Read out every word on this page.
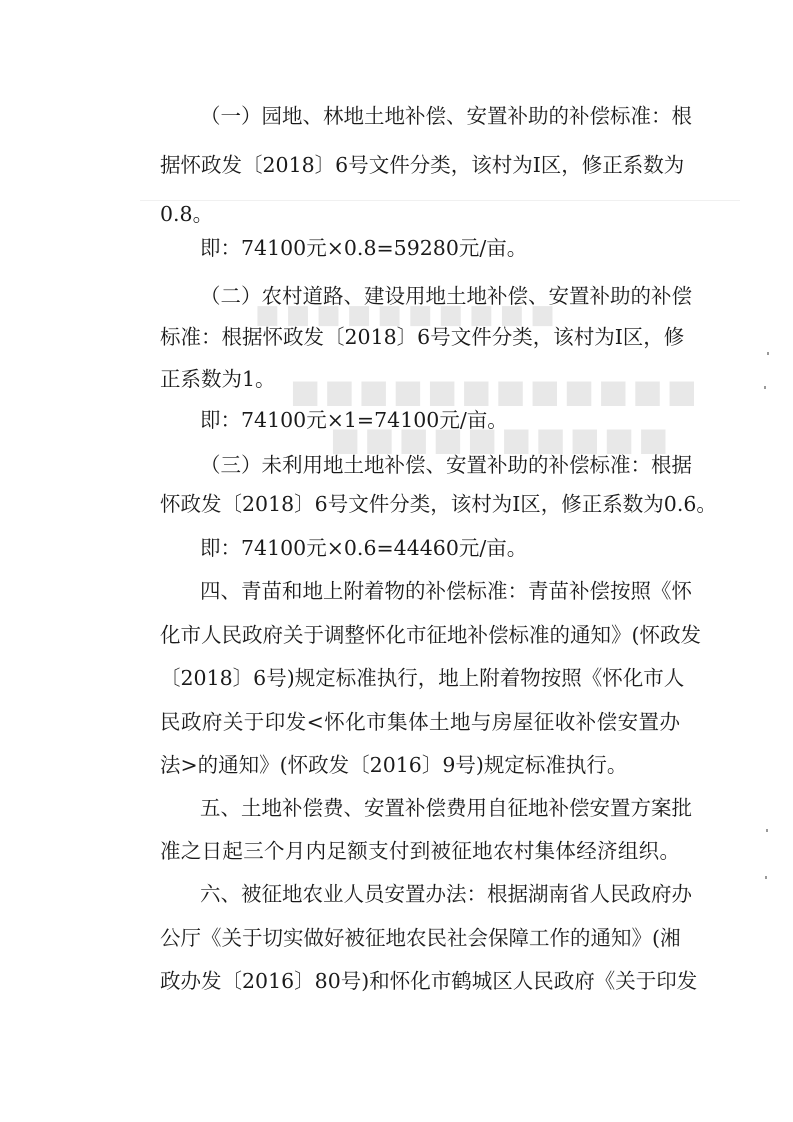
■■■■■■■■■■
■■■■■■■■■■■■
■■■■■■■■■■
（一）园地、林地土地补偿、安置补助的补偿标准：根
据怀政发〔2018〕6号文件分类，该村为Ⅰ区，修正系数为
0.8。
即：74100元×0.8=59280元/亩。
（二）农村道路、建设用地土地补偿、安置补助的补偿
标准：根据怀政发〔2018〕6号文件分类，该村为Ⅰ区，修
正系数为1。
即：74100元×1=74100元/亩。
（三）未利用地土地补偿、安置补助的补偿标准：根据
怀政发〔2018〕6号文件分类，该村为Ⅰ区，修正系数为0.6。
即：74100元×0.6=44460元/亩。
四、青苗和地上附着物的补偿标准：青苗补偿按照《怀
化市人民政府关于调整怀化市征地补偿标准的通知》(怀政发
〔2018〕6号)规定标准执行，地上附着物按照《怀化市人
民政府关于印发<怀化市集体土地与房屋征收补偿安置办
法>的通知》(怀政发〔2016〕9号)规定标准执行。
五、土地补偿费、安置补偿费用自征地补偿安置方案批
准之日起三个月内足额支付到被征地农村集体经济组织。
六、被征地农业人员安置办法：根据湖南省人民政府办
公厅《关于切实做好被征地农民社会保障工作的通知》(湘
政办发〔2016〕80号)和怀化市鹤城区人民政府《关于印发
